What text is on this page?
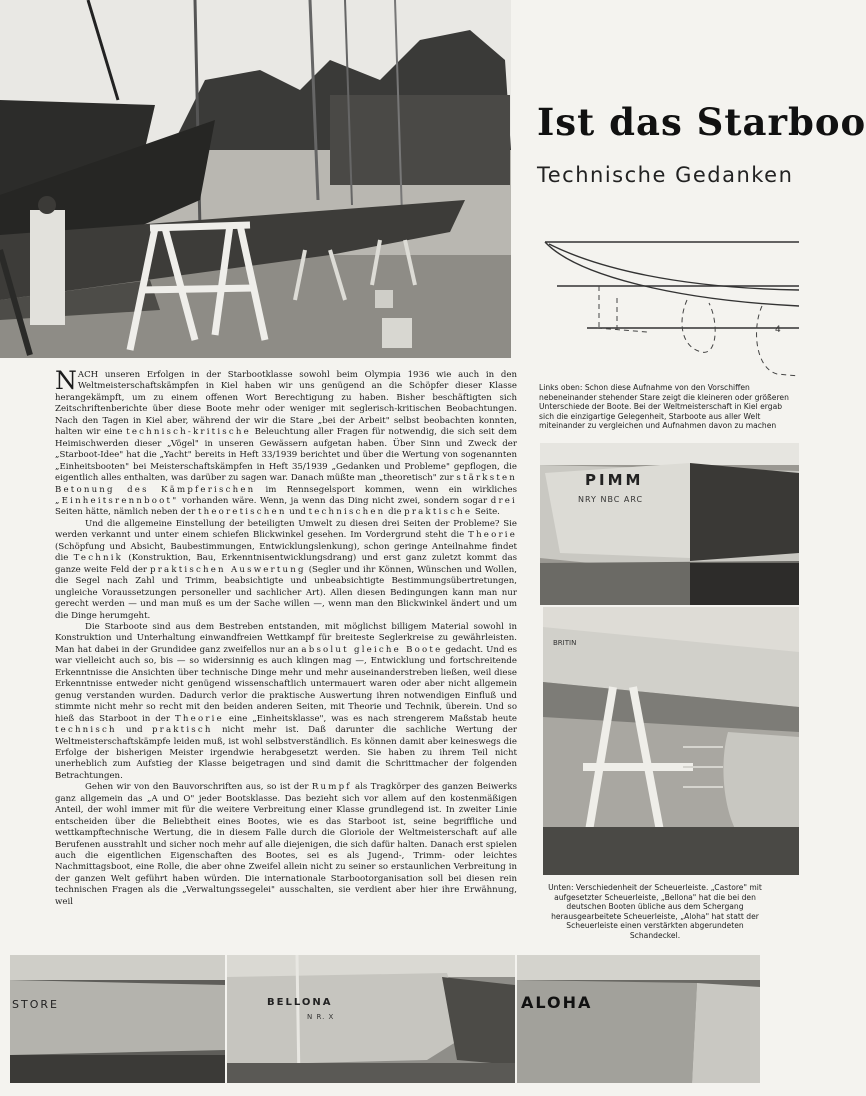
Ist das Starboo
Technische Gedanken
4
Links oben: Schon diese Aufnahme von den Vorschiffen nebeneinander stehender Stare zeigt die kleineren oder größeren Unterschiede der Boote. Bei der Weltmeisterschaft in Kiel ergab sich die einzigartige Gelegenheit, Starboote aus aller Welt miteinander zu vergleichen und Aufnahmen davon zu machen
PIMM
NRY NBC ARC
BRITIN
Unten: Verschiedenheit der Scheuerleiste. „Castore" mit aufgesetzter Scheuerleiste, „Bellona" hat die bei den deutschen Booten übliche aus dem Schergang herausgearbeitete Scheuerleiste, „Aloha" hat statt der Scheuerleiste einen verstärkten abgerundeten Schandeckel.

NACH unseren Erfolgen in der Starbootklasse sowohl beim Olympia 1936 wie auch in den Weltmeisterschaftskämpfen in Kiel haben wir uns genügend an die Schöpfer dieser Klasse herangekämpft, um zu einem offenen Wort Berechtigung zu haben. Bisher beschäftigten sich Zeitschriftenberichte über diese Boote mehr oder weniger mit seglerisch-kritischen Beobachtungen. Nach den Tagen in Kiel aber, während der wir die Stare „bei der Arbeit" selbst beobachten konnten, halten wir eine technisch-kritische Beleuchtung aller Fragen für notwendig, die sich seit dem Heimischwerden dieser „Vögel" in unseren Gewässern aufgetan haben. Über Sinn und Zweck der „Starboot-Idee" hat die „Yacht" bereits in Heft 33/1939 berichtet und über die Wertung von sogenannten „Einheitsbooten" bei Meisterschaftskämpfen in Heft 35/1939 „Gedanken und Probleme" gepflogen, die eigentlich alles enthalten, was darüber zu sagen war. Danach müßte man „theoretisch" zur stärksten Betonung des Kämpferischen im Rennsegelsport kommen, wenn ein wirkliches „Einheitsrennboot" vorhanden wäre. Wenn, ja wenn das Ding nicht zwei, sondern sogar drei Seiten hätte, nämlich neben der theoretischen und technischen die praktische Seite.

Und die allgemeine Einstellung der beteiligten Umwelt zu diesen drei Seiten der Probleme? Sie werden verkannt und unter einem schiefen Blickwinkel gesehen. Im Vordergrund steht die Theorie (Schöpfung und Absicht, Baubestimmungen, Entwicklungslenkung), schon geringe Anteilnahme findet die Technik (Konstruktion, Bau, Erkenntnisentwicklungsdrang) und erst ganz zuletzt kommt das ganze weite Feld der praktischen Auswertung (Segler und ihr Können, Wünschen und Wollen, die Segel nach Zahl und Trimm, beabsichtigte und unbeabsichtigte Bestimmungsübertretungen, ungleiche Voraussetzungen personeller und sachlicher Art). Allen diesen Bedingungen kann man nur gerecht werden — und man muß es um der Sache willen —, wenn man den Blickwinkel ändert und um die Dinge herumgeht.

Die Starboote sind aus dem Bestreben entstanden, mit möglichst billigem Material sowohl in Konstruktion und Unterhaltung einwandfreien Wettkampf für breiteste Seglerkreise zu gewährleisten. Man hat dabei in der Grundidee ganz zweifellos nur an absolut gleiche Boote gedacht. Und es war vielleicht auch so, bis — so widersinnig es auch klingen mag —, Entwicklung und fortschreitende Erkenntnisse die Ansichten über technische Dinge mehr und mehr auseinanderstreben ließen, weil diese Erkenntnisse entweder nicht genügend wissenschaftlich untermauert waren oder aber nicht allgemein genug verstanden wurden. Dadurch verlor die praktische Auswertung ihren notwendigen Einfluß und stimmte nicht mehr so recht mit den beiden anderen Seiten, mit Theorie und Technik, überein. Und so hieß das Starboot in der Theorie eine „Einheitsklasse", was es nach strengerem Maßstab heute technisch und praktisch nicht mehr ist. Daß darunter die sachliche Wertung der Weltmeisterschaftskämpfe leiden muß, ist wohl selbstverständlich. Es können damit aber keineswegs die Erfolge der bisherigen Meister irgendwie herabgesetzt werden. Sie haben zu ihrem Teil nicht unerheblich zum Aufstieg der Klasse beigetragen und sind damit die Schrittmacher der folgenden Betrachtungen.

Gehen wir von den Bauvorschriften aus, so ist der Rumpf als Tragkörper des ganzen Beiwerks ganz allgemein das „A und O" jeder Bootsklasse. Das bezieht sich vor allem auf den kostenmäßigen Anteil, der wohl immer mit für die weitere Verbreitung einer Klasse grundlegend ist. In zweiter Linie entscheiden über die Beliebtheit eines Bootes, wie es das Starboot ist, seine begriffliche und wettkampftechnische Wertung, die in diesem Falle durch die Gloriole der Weltmeisterschaft auf alle Berufenen ausstrahlt und sicher noch mehr auf alle diejenigen, die sich dafür halten. Danach erst spielen auch die eigentlichen Eigenschaften des Bootes, sei es als Jugend-, Trimm- oder leichtes Nachmittagsboot, eine Rolle, die aber ohne Zweifel allein nicht zu seiner so erstaunlichen Verbreitung in der ganzen Welt geführt haben würden. Die internationale Starbootorganisation soll bei diesen rein technischen Fragen als die „Verwaltungssegelei" ausschalten, sie verdient aber hier ihre Erwähnung, weil

STORE	BELLONA
N R. X
ALOHA
